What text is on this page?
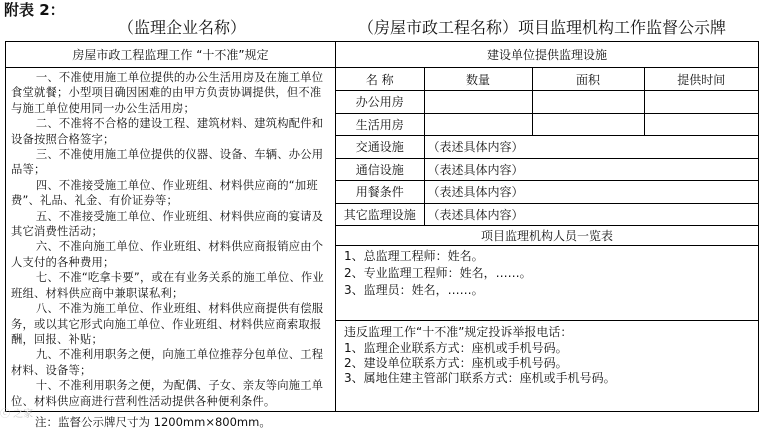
附表 2：
（监理企业名称）	（房屋市政工程名称）项目监理机构工作监督公示牌
房屋市政工程监理工作 “十不准”规定

一、不准使用施工单位提供的办公生活用房及在施工单位食堂就餐；小型项目确因困难的由甲方负责协调提供，但不准与施工单位使用同一办公生活用房；

二、不准将不合格的建设工程、建筑材料、建筑构配件和设备按照合格签字；

三、不准使用施工单位提供的仪器、设备、车辆、办公用品等；

四、不准接受施工单位、作业班组、材料供应商的“加班费”、礼品、礼金、有价证券等；

五、不准接受施工单位、作业班组、材料供应商的宴请及其它消费性活动；

六、不准向施工单位、作业班组、材料供应商报销应由个人支付的各种费用；

七、不准“吃拿卡要”，或在有业务关系的施工单位、作业班组、材料供应商中兼职谋私利；

八、不准为施工单位、作业班组、材料供应商提供有偿服务，或以其它形式向施工单位、作业班组、材料供应商索取报酬，回报、补贴；

九、不准利用职务之便，向施工单位推荐分包单位、工程材料、设备等；

十、不准利用职务之便，为配偶、子女、亲友等向施工单位、材料供应商进行营利性活动提供各种便利条件。

建设单位提供监理设施
名 称	数量	面积	提供时间
办公用房			
生活用房			
交通设施	（表述具体内容）		
通信设施	（表述具体内容）		
用餐条件	（表述具体内容）		
其它监理设施	（表述具体内容）		
项目监理机构人员一览表
1、总监理工程师：姓名。
2、专业监理工程师：姓名，……。
3、监理员：姓名，……。
违反监理工作“十不准”规定投诉举报电话：
1、监理企业联系方式：座机或手机号码。
2、建设单位联系方式：座机或手机号码。
3、属地住建主管部门联系方式：座机或手机号码。
ⓒ 之家
注：监督公示牌尺寸为 1200mm×800mm。
